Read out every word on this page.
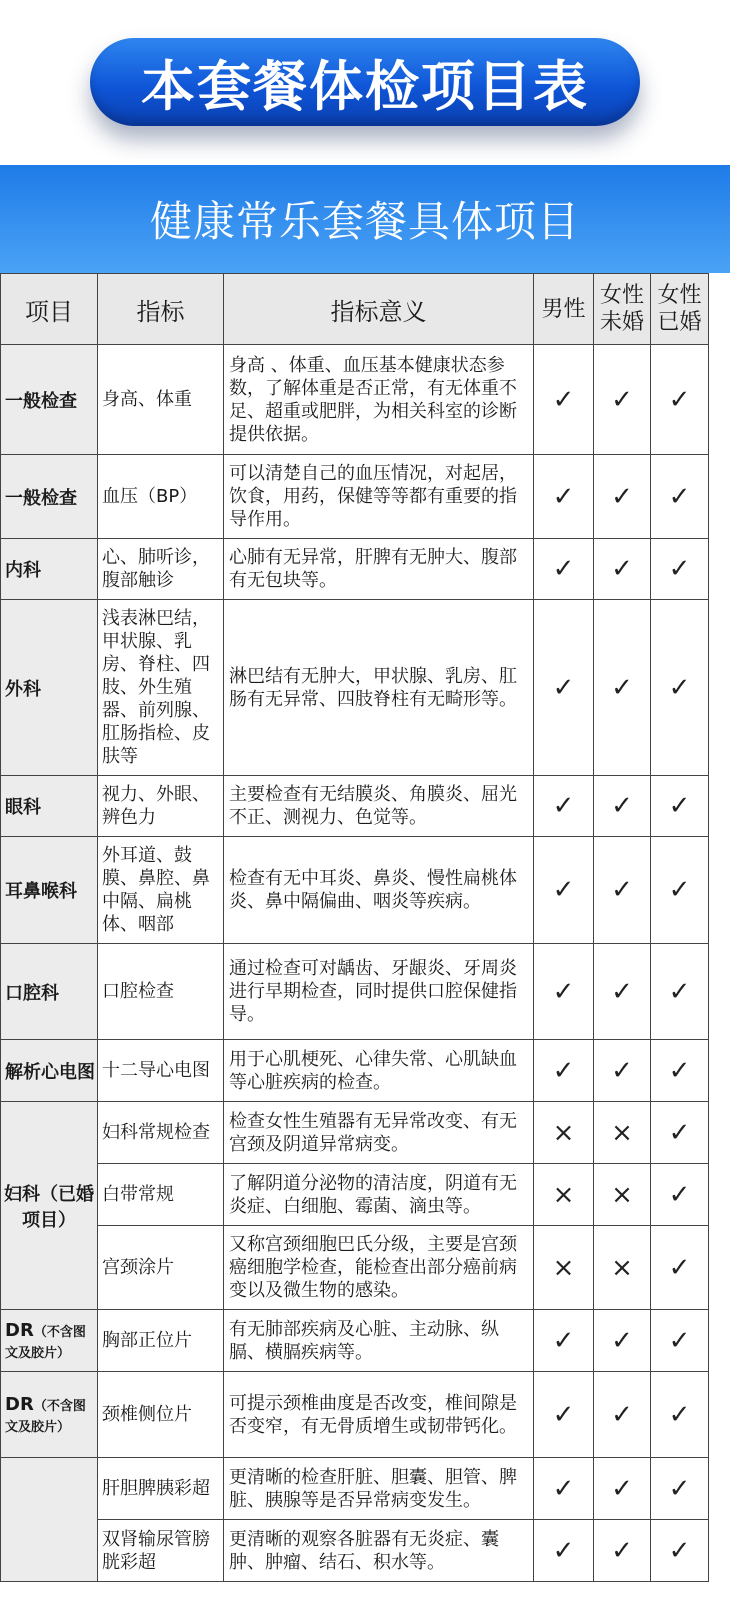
本套餐体检项目表
健康常乐套餐具体项目
项目	指标	指标意义	男性	女性未婚	女性已婚
一般检查	身高、体重	身高 、体重、血压基本健康状态参数，了解体重是否正常，有无体重不足、超重或肥胖，为相关科室的诊断提供依据。	✓	✓	✓
一般检查	血压（BP）	可以清楚自己的血压情况，对起居，饮食，用药，保健等等都有重要的指导作用。	✓	✓	✓
内科	心、肺听诊，腹部触诊	心肺有无异常，肝脾有无肿大、腹部有无包块等。	✓	✓	✓
外科	浅表淋巴结，甲状腺、乳房、脊柱、四肢、外生殖器、前列腺、肛肠指检、皮肤等	淋巴结有无肿大，甲状腺、乳房、肛肠有无异常、四肢脊柱有无畸形等。	✓	✓	✓
眼科	视力、外眼、辨色力	主要检查有无结膜炎、角膜炎、屈光不正、测视力、色觉等。	✓	✓	✓
耳鼻喉科	外耳道、鼓膜、鼻腔、鼻中隔、扁桃体、咽部	检查有无中耳炎、鼻炎、慢性扁桃体炎、鼻中隔偏曲、咽炎等疾病。	✓	✓	✓
口腔科	口腔检查	通过检查可对龋齿、牙龈炎、牙周炎进行早期检查，同时提供口腔保健指导。	✓	✓	✓
解析心电图	十二导心电图	用于心肌梗死、心律失常、心肌缺血等心脏疾病的检查。	✓	✓	✓
妇科（已婚项目）	妇科常规检查	检查女性生殖器有无异常改变、有无宫颈及阴道异常病变。	×	×	✓
	白带常规	了解阴道分泌物的清洁度，阴道有无炎症、白细胞、霉菌、滴虫等。	×	×	✓
	宫颈涂片	又称宫颈细胞巴氏分级，主要是宫颈癌细胞学检查，能检查出部分癌前病变以及微生物的感染。	×	×	✓
DR（不含图文及胶片）	胸部正位片	有无肺部疾病及心脏、主动脉、纵膈、横膈疾病等。	✓	✓	✓
DR（不含图文及胶片）	颈椎侧位片	可提示颈椎曲度是否改变，椎间隙是否变窄，有无骨质增生或韧带钙化。	✓	✓	✓
	肝胆脾胰彩超	更清晰的检查肝脏、胆囊、胆管、脾脏、胰腺等是否异常病变发生。	✓	✓	✓
	双肾输尿管膀胱彩超	更清晰的观察各脏器有无炎症、囊肿、肿瘤、结石、积水等。	✓	✓	✓
